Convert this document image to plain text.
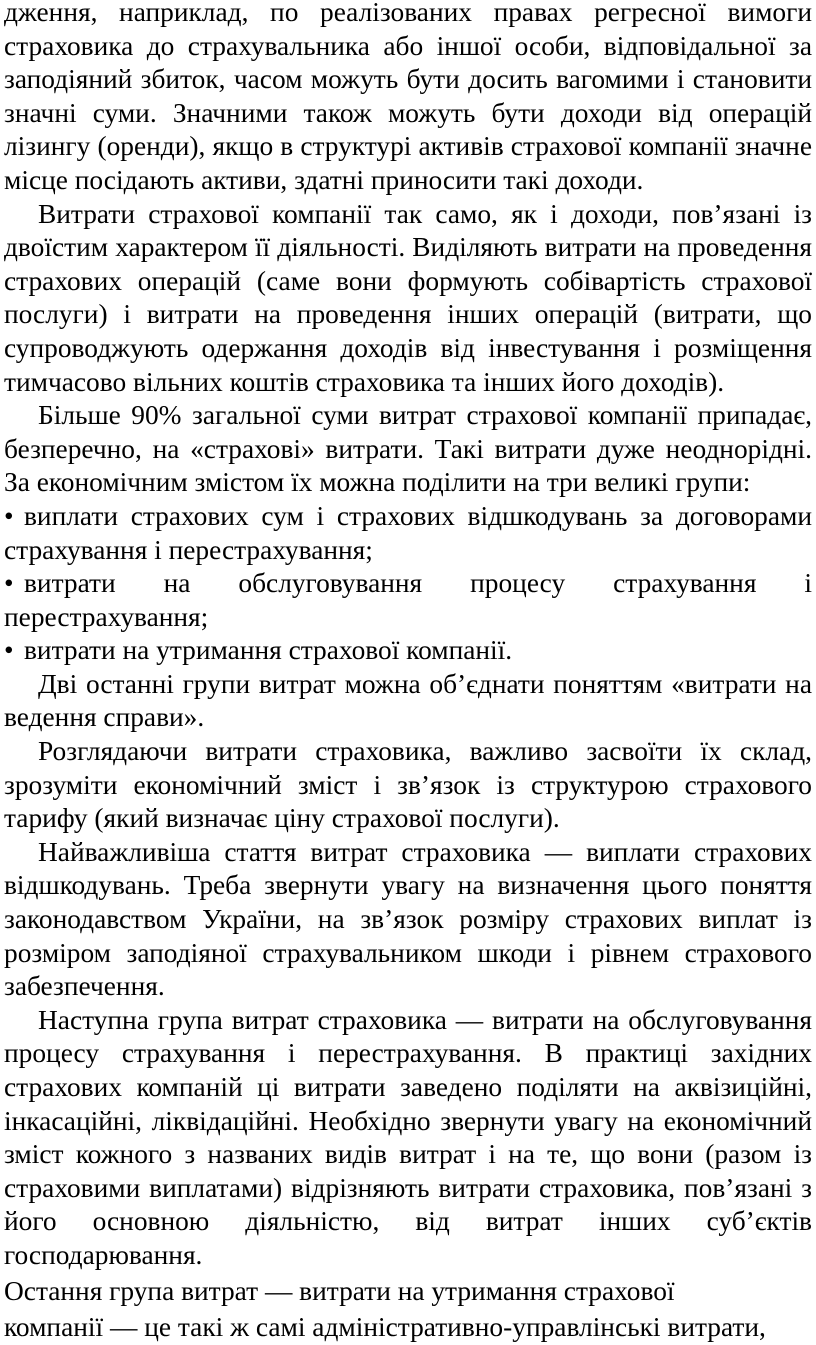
дження, наприклад, по реалізованих правах регресної вимоги страховика до страхувальника або іншої особи, відповідальної за заподіяний збиток, часом можуть бути досить вагомими і становити значні суми. Значними також можуть бути доходи від операцій лізингу (оренди), якщо в структурі активів страхової компанії значне місце посідають активи, здатні приносити такі доходи.

Витрати страхової компанії так само, як і доходи, пов’язані із двоїстим характером її діяльності. Виділяють витрати на проведення страхових операцій (саме вони формують собівартість страхової послуги) і витрати на проведення інших операцій (витрати, що супроводжують одержання доходів від інвестування і розміщення тимчасово вільних коштів страховика та інших його доходів).

Більше 90% загальної суми витрат страхової компанії припадає, безперечно, на «страхові» витрати. Такі витрати дуже неоднорідні. За економічним змістом їх можна поділити на три великі групи:

• виплати страхових сум і страхових відшкодувань за договорами страхування і перестрахування;

• витрати на обслуговування процесу страхування і перестрахування;

• витрати на утримання страхової компанії.

Дві останні групи витрат можна об’єднати поняттям «витрати на ведення справи».

Розглядаючи витрати страховика, важливо засвоїти їх склад, зрозуміти економічний зміст і зв’язок із структурою страхового тарифу (який визначає ціну страхової послуги).

Найважливіша стаття витрат страховика — виплати страхових відшкодувань. Треба звернути увагу на визначення цього поняття законодавством України, на зв’язок розміру страхових виплат із розміром заподіяної страхувальником шкоди і рівнем страхового забезпечення.

Наступна група витрат страховика — витрати на обслуговування процесу страхування і перестрахування. В практиці західних страхових компаній ці витрати заведено поділяти на аквізиційні, інкасаційні, ліквідаційні. Необхідно звернути увагу на економічний зміст кожного з названих видів витрат і на те, що вони (разом із страховими виплатами) відрізняють витрати страховика, пов’язані з його основною діяльністю, від витрат інших суб’єктів господарювання.

Остання група витрат — витрати на утримання страхової

компанії — це такі ж самі адміністративно-управлінські витрати,
